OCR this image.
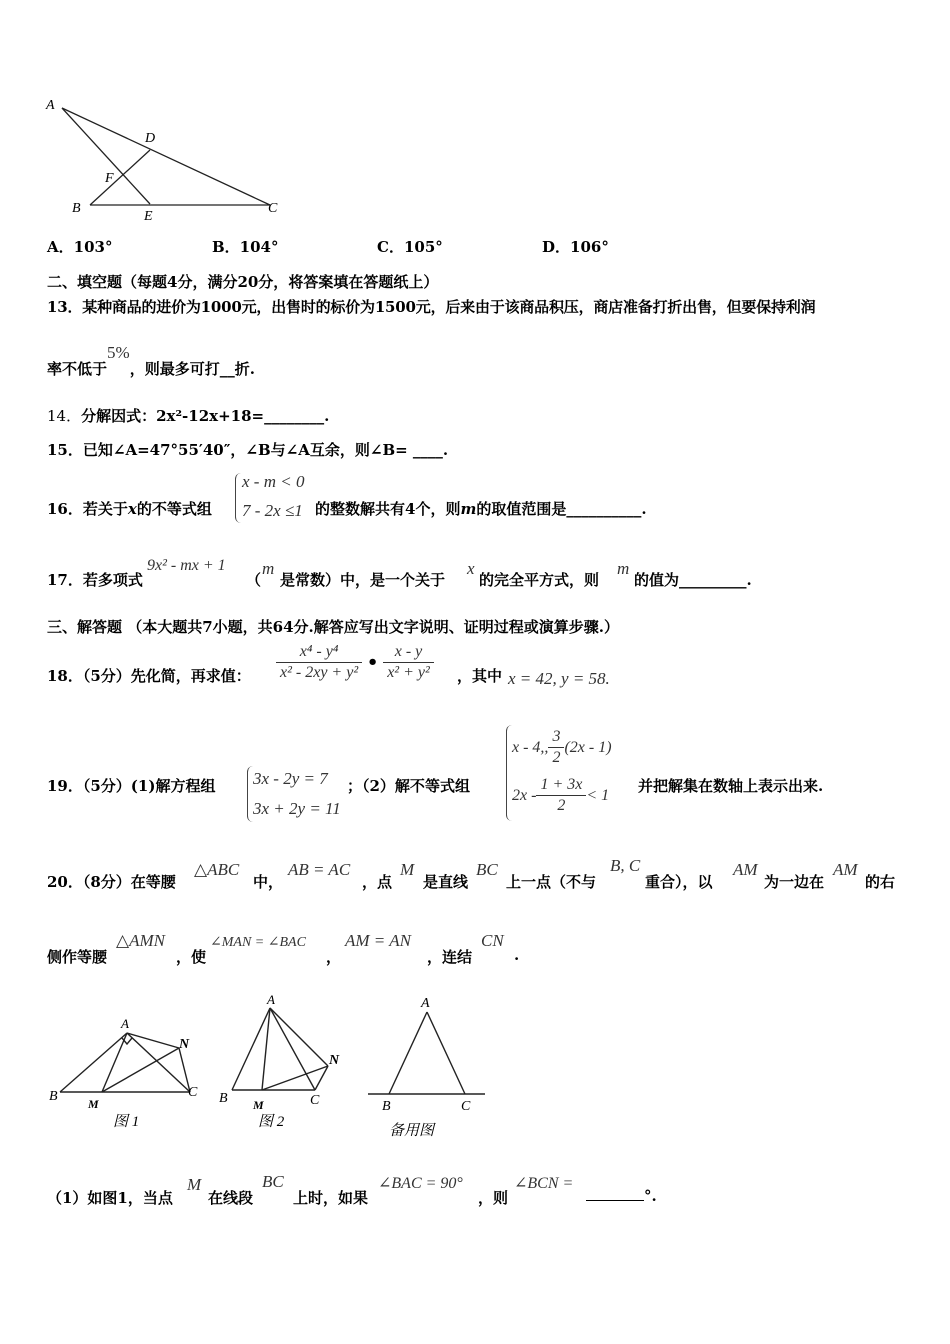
A
D
F
B
E
C
A．103°	B．104°	C．105°	D．106°
二、填空题（每题4分，满分20分，将答案填在答题纸上）
13．某种商品的进价为1000元，出售时的标价为1500元，后来由于该商品积压，商店准备打折出售，但要保持利润
率不低于5%，则最多可打__折.
14．分解因式：2x²-12x+18=________.
15．已知∠A=47°55′40″，∠B与∠A互余，则∠B= ____.
16．若关于x的不等式组
x - m < 0
7 - 2x ≤1 的整数解共有4个，则m的取值范围是__________.
17．若多项式
9x² - mx + 1
（
m
是常数）中，是一个关于
x
的完全平方式，则
m
的值为_________.
三、解答题 （本大题共7小题，共64分.解答应写出文字说明、证明过程或演算步骤.）
18．（5分）先化简，再求值： $\frac{\text{x⁴ - y⁴}}{\text{x² - 2xy + y²}}$ • $\frac{x - y}{\text{x² + y²}}$ ，其中 x = 42, y = 58.
19．（5分）(1)解方程组 3x - 2y = 7
3x + 2y = 11
；（2）解不等式组
x - 4,, $\frac{3}{2} (2x - 1)$
$2x - \frac{1 + 3x}{2} < 1$ 并把解集在数轴上表示出来.
20．（8分）在等腰
△ABC
中，
AB = AC
，点
M
是直线
BC
上一点（不与
B, C
重合），以
AM
为一边在
AM
的右
侧作等腰
△AMN
，使
∠MAN = ∠BAC
，
AM = AN
，连结
CN
.
A
N
B	M
C
图 1
A
N
B M	C
图 2
A
B	C
备用图
（1）如图1，当点
M
在线段
BC
上时，如果
∠BAC = 90°
，则
∠BCN =
°.
